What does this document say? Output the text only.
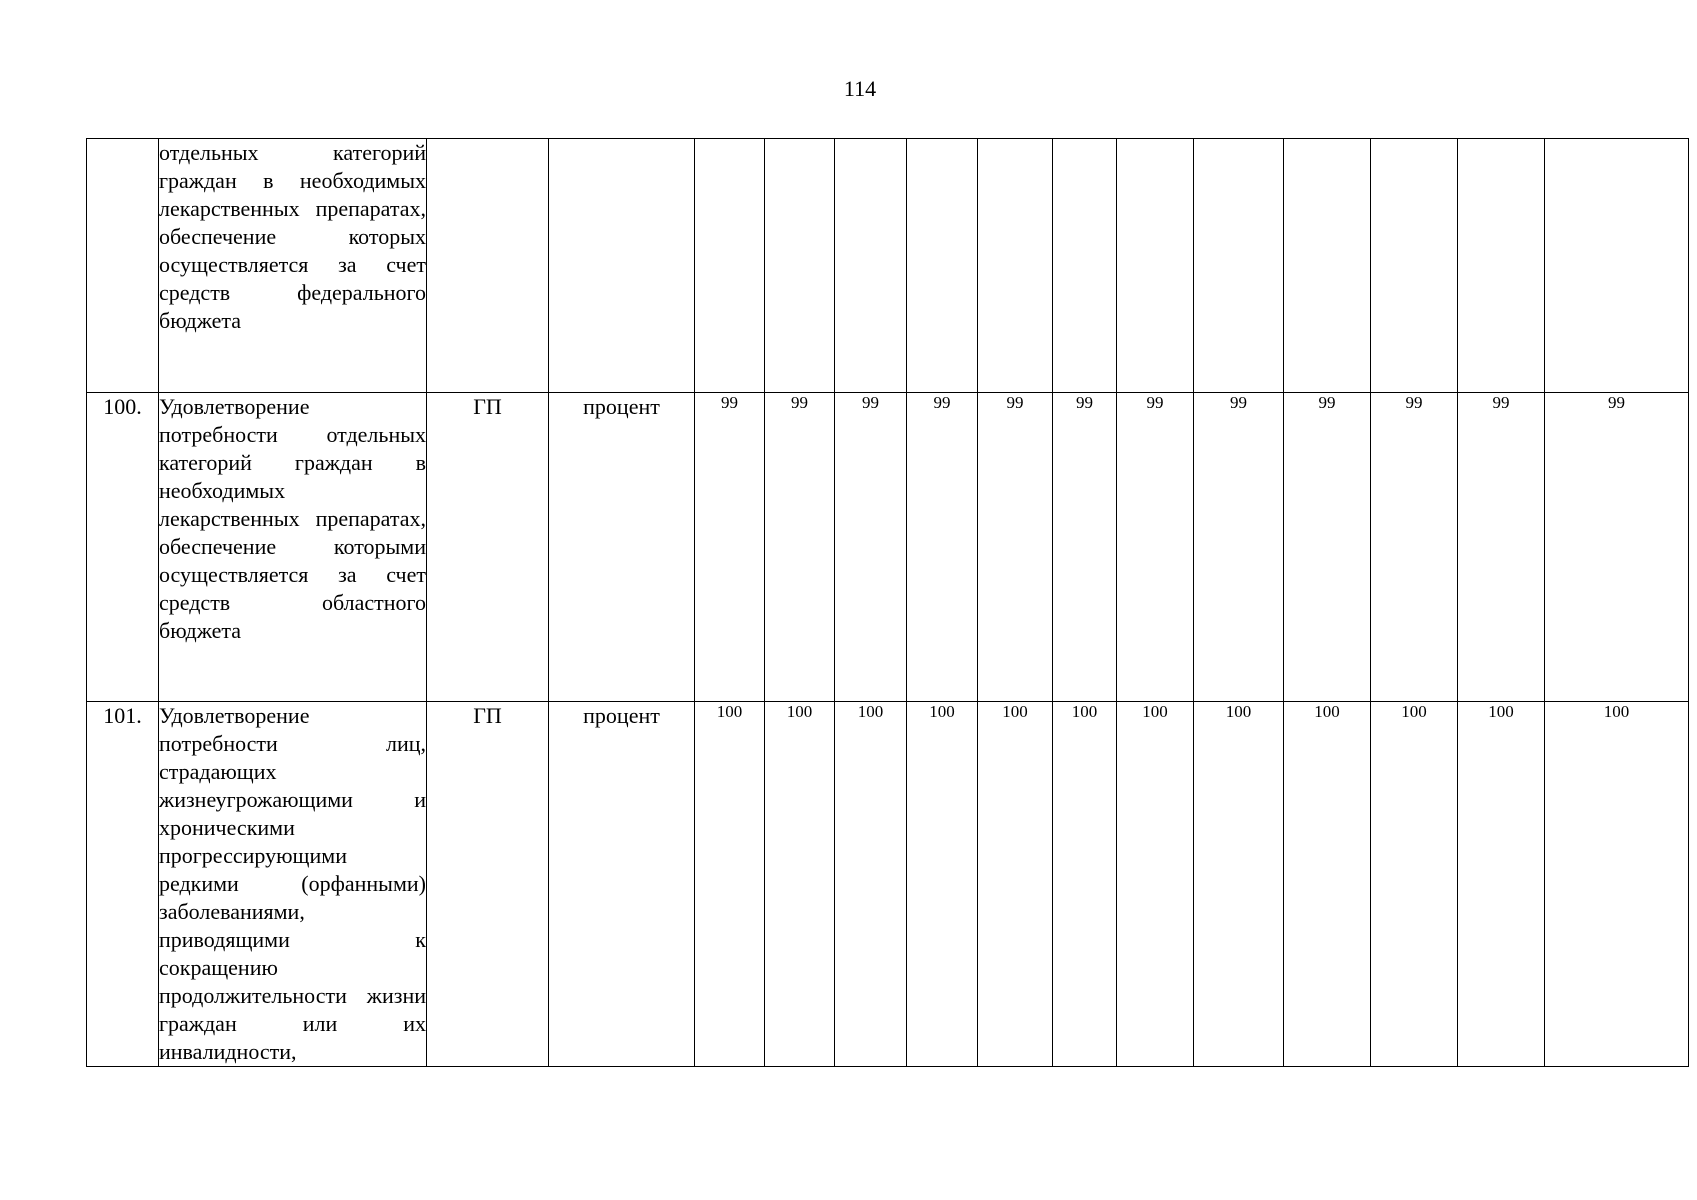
114

	отдельных категорий граждан в необходимых лекарственных препаратах, обеспечение которых осуществляется за счет средств федерального бюджета														

100.	Удовлетворение потребности отдельных категорий граждан в необходимых лекарственных препаратах, обеспечение которыми осуществляется за счет средств областного бюджета	ГП	процент	99	99	99	99	99	99	99	99	99	99	99	99
101.	Удовлетворение потребности лиц, страдающих жизнеугрожающими и хроническими прогрессирующими редкими (орфанными) заболеваниями, приводящими к сокращению продолжительности жизни граждан или их инвалидности,	ГП	процент	100	100	100	100	100	100	100	100	100	100	100	100
